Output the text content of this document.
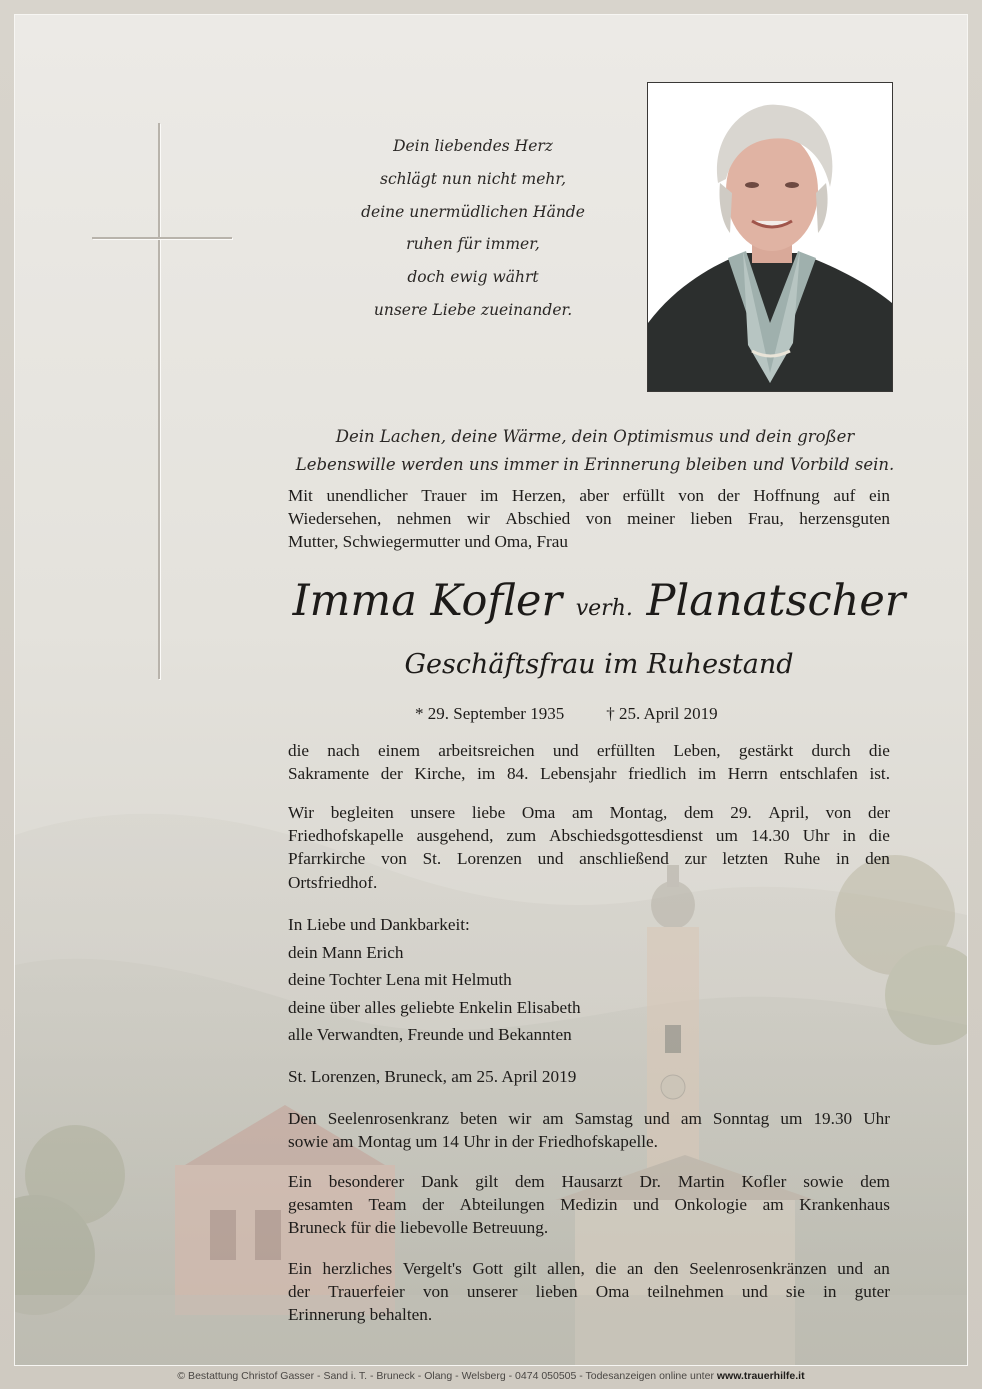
Dein liebendes Herz
schlägt nun nicht mehr,
deine unermüdlichen Hände
ruhen für immer,
doch ewig währt
unsere Liebe zueinander.
Dein Lachen, deine Wärme, dein Optimismus und dein großer
Lebenswille werden uns immer in Erinnerung bleiben und Vorbild sein.
Mit unendlicher Trauer im Herzen, aber erfüllt von der Hoffnung auf ein
Wiedersehen, nehmen wir Abschied von meiner lieben Frau, herzensguten
Mutter, Schwiegermutter und Oma, Frau
Imma Kofler verh. Planatscher
Geschäftsfrau im Ruhestand
* 29. September 1935 † 25. April 2019
die nach einem arbeitsreichen und erfüllten Leben, gestärkt durch die
Sakramente der Kirche, im 84. Lebensjahr friedlich im Herrn entschlafen ist.
Wir begleiten unsere liebe Oma am Montag, dem 29. April, von der
Friedhofskapelle ausgehend, zum Abschiedsgottesdienst um 14.30 Uhr in die
Pfarrkirche von St. Lorenzen und anschließend zur letzten Ruhe in den
Ortsfriedhof.
In Liebe und Dankbarkeit:
dein Mann Erich
deine Tochter Lena mit Helmuth
deine über alles geliebte Enkelin Elisabeth
alle Verwandten, Freunde und Bekannten
St. Lorenzen, Bruneck, am 25. April 2019
Den Seelenrosenkranz beten wir am Samstag und am Sonntag um 19.30 Uhr
sowie am Montag um 14 Uhr in der Friedhofskapelle.
Ein besonderer Dank gilt dem Hausarzt Dr. Martin Kofler sowie dem
gesamten Team der Abteilungen Medizin und Onkologie am Krankenhaus
Bruneck für die liebevolle Betreuung.
Ein herzliches Vergelt's Gott gilt allen, die an den Seelenrosenkränzen und an
der Trauerfeier von unserer lieben Oma teilnehmen und sie in guter
Erinnerung behalten.
© Bestattung Christof Gasser - Sand i. T. - Bruneck - Olang - Welsberg - 0474 050505 - Todesanzeigen online unter www.trauerhilfe.it
